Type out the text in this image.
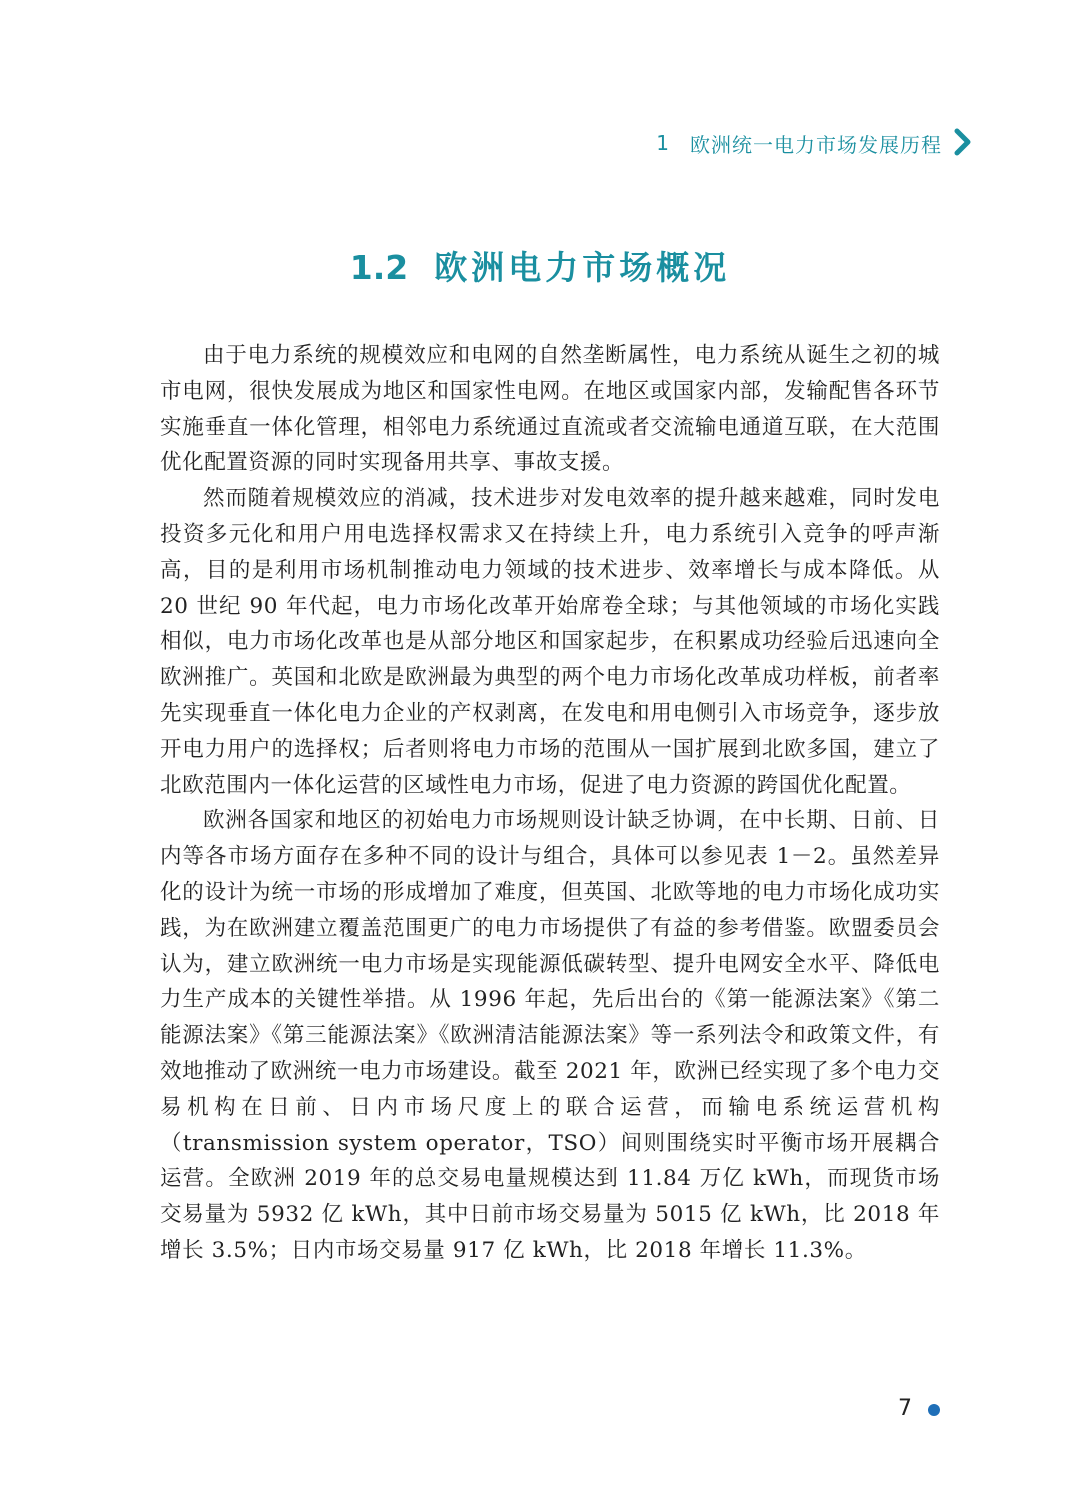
1 欧洲统一电力市场发展历程
1.2 欧洲电力市场概况

由于电力系统的规模效应和电网的自然垄断属性，电力系统从诞生之初的城市电网，很快发展成为地区和国家性电网。在地区或国家内部，发输配售各环节实施垂直一体化管理，相邻电力系统通过直流或者交流输电通道互联，在大范围优化配置资源的同时实现备用共享、事故支援。

然而随着规模效应的消减，技术进步对发电效率的提升越来越难，同时发电投资多元化和用户用电选择权需求又在持续上升，电力系统引入竞争的呼声渐高，目的是利用市场机制推动电力领域的技术进步、效率增长与成本降低。从 20 世纪 90 年代起，电力市场化改革开始席卷全球；与其他领域的市场化实践相似，电力市场化改革也是从部分地区和国家起步，在积累成功经验后迅速向全欧洲推广。英国和北欧是欧洲最为典型的两个电力市场化改革成功样板，前者率先实现垂直一体化电力企业的产权剥离，在发电和用电侧引入市场竞争，逐步放开电力用户的选择权；后者则将电力市场的范围从一国扩展到北欧多国，建立了北欧范围内一体化运营的区域性电力市场，促进了电力资源的跨国优化配置。

欧洲各国家和地区的初始电力市场规则设计缺乏协调，在中长期、日前、日内等各市场方面存在多种不同的设计与组合，具体可以参见表 1－2。虽然差异化的设计为统一市场的形成增加了难度，但英国、北欧等地的电力市场化成功实践，为在欧洲建立覆盖范围更广的电力市场提供了有益的参考借鉴。欧盟委员会认为，建立欧洲统一电力市场是实现能源低碳转型、提升电网安全水平、降低电力生产成本的关键性举措。从 1996 年起，先后出台的《第一能源法案》《第二能源法案》《第三能源法案》《欧洲清洁能源法案》等一系列法令和政策文件，有效地推动了欧洲统一电力市场建设。截至 2021 年，欧洲已经实现了多个电力交易机构在日前、日内市场尺度上的联合运营，而输电系统运营机构（transmission system operator，TSO）间则围绕实时平衡市场开展耦合运营。全欧洲 2019 年的总交易电量规模达到 11.84 万亿 kWh，而现货市场交易量为 5932 亿 kWh，其中日前市场交易量为 5015 亿 kWh，比 2018 年增长 3.5%；日内市场交易量 917 亿 kWh，比 2018 年增长 11.3%。

7
